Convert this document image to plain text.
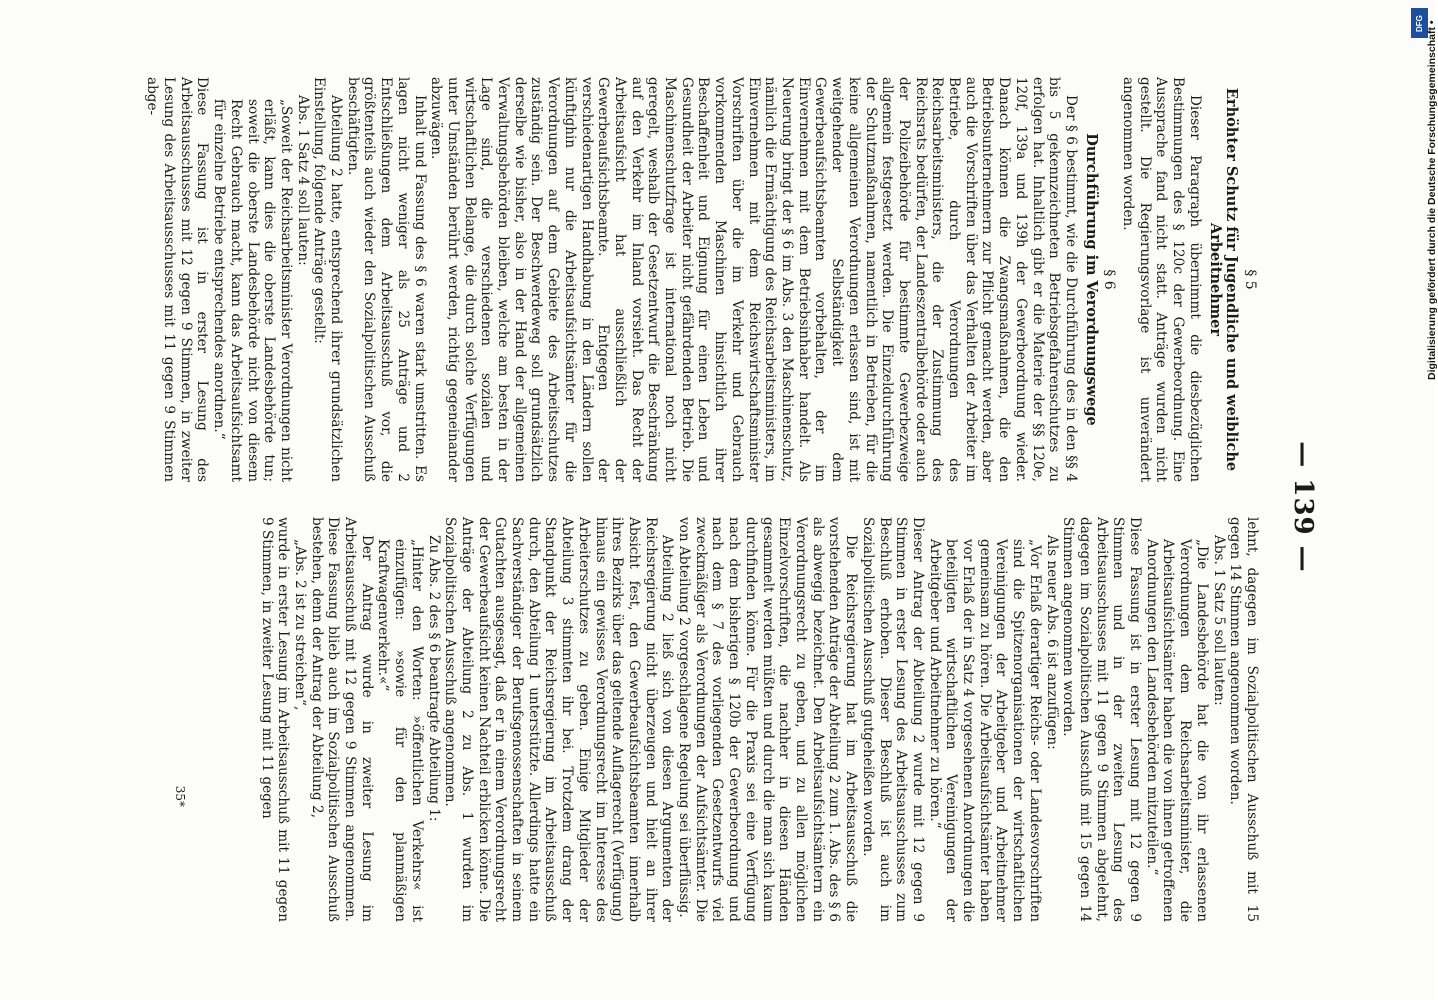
— 139 —
§ 5
Erhöhter Schutz für Jugendliche und weibliche Arbeitnehmer

Dieser Paragraph übernimmt die diesbezüglichen Bestimmungen des § 120c der Gewerbeordnung. Eine Aussprache fand nicht statt. Anträge wurden nicht gestellt. Die Regierungsvorlage ist unverändert angenommen worden.

§ 6
Durchführung im Verordnungswege

Der § 6 bestimmt, wie die Durchführung des in den §§ 4 bis 5 gekennzeichneten Betriebsgefahrenschutzes zu erfolgen hat. Inhaltlich gibt er die Materie der §§ 120e, 120f, 139a und 139h der Gewerbeordnung wieder. Danach können die Zwangsmaßnahmen, die den Betriebsunternehmern zur Pflicht gemacht werden, aber auch die Vorschriften über das Verhalten der Arbeiter im Betriebe, durch Verordnungen des Reichsarbeitsministers, die der Zustimmung des Reichsrats bedürfen, der Landeszentralbehörde oder auch der Polizeibehörde für bestimmte Gewerbezweige allgemein festgesetzt werden. Die Einzeldurchführung der Schutzmaßnahmen, namentlich in Betrieben, für die keine allgemeinen Verordnungen erlassen sind, ist mit weitgehender Selbständigkeit dem Gewerbeaufsichtsbeamten vorbehalten, der im Einvernehmen mit dem Betriebsinhaber handelt. Als Neuerung bringt der § 6 im Abs. 3 den Maschinenschutz, nämlich die Ermächtigung des Reichsarbeitsministers, im Einvernehmen mit dem Reichswirtschaftsminister Vorschriften über die im Verkehr und Gebrauch vorkommenden Maschinen hinsichtlich ihrer Beschaffenheit und Eignung für einen Leben und Gesundheit der Arbeiter nicht gefährdenden Betrieb. Die Maschinenschutzfrage ist international noch nicht geregelt, weshalb der Gesetzentwurf die Beschränkung auf den Verkehr im Inland vorsieht. Das Recht der Arbeitsaufsicht hat ausschließlich der Gewerbeaufsichtsbeamte. Entgegen der verschiedenartigen Handhabung in den Ländern sollen künftighin nur die Arbeitsaufsichtsämter für die Verordnungen auf dem Gebiete des Arbeitsschutzes zuständig sein. Der Beschwerdeweg soll grundsätzlich derselbe wie bisher, also in der Hand der allgemeinen Verwaltungsbehörden bleiben, welche am besten in der Lage sind, die verschiedenen sozialen und wirtschaftlichen Belange, die durch solche Verfügungen unter Umständen berührt werden, richtig gegeneinander abzuwägen.

Inhalt und Fassung des § 6 waren stark umstritten. Es lagen nicht weniger als 25 Anträge und 2 Entschließungen dem Arbeitsausschuß vor, die größtenteils auch wieder den Sozialpolitischen Ausschuß beschäftigten.

Abteilung 2 hatte, entsprechend ihrer grundsätzlichen Einstellung, folgende Anträge gestellt:

Abs. 1 Satz 4 soll lauten:

„Soweit der Reichsarbeitsminister Verordnungen nicht erläßt, kann dies die oberste Landesbehörde tun; soweit die oberste Landesbehörde nicht von diesem Recht Gebrauch macht, kann das Arbeitsaufsichtsamt für einzelne Betriebe entsprechendes anordnen.“

Diese Fassung ist in erster Lesung des Arbeitsausschusses mit 12 gegen 9 Stimmen, in zweiter Lesung des Arbeitsausschusses mit 11 gegen 9 Stimmen abge-

lehnt, dagegen im Sozialpolitischen Ausschuß mit 15 gegen 14 Stimmen angenommen worden.

Abs. 1 Satz 5 soll lauten:

„Die Landesbehörde hat die von ihr erlassenen Verordnungen dem Reichsarbeitsminister, die Arbeitsaufsichtsämter haben die von ihnen getroffenen Anordnungen den Landesbehörden mitzuteilen.“

Diese Fassung ist in erster Lesung mit 12 gegen 9 Stimmen und in der zweiten Lesung des Arbeitsausschusses mit 11 gegen 9 Stimmen abgelehnt, dagegen im Sozialpolitischen Ausschuß mit 15 gegen 14 Stimmen angenommen worden.

Als neuer Abs. 6 ist anzufügen:

„Vor Erlaß derartiger Reichs- oder Landesvorschriften sind die Spitzenorganisationen der wirtschaftlichen Vereinigungen der Arbeitgeber und Arbeitnehmer gemeinsam zu hören. Die Arbeitsaufsichtsämter haben vor Erlaß der in Satz 4 vorgesehenen Anordnungen die beteiligten wirtschaftlichen Vereinigungen der Arbeitgeber und Arbeitnehmer zu hören.“

Dieser Antrag der Abteilung 2 wurde mit 12 gegen 9 Stimmen in erster Lesung des Arbeitsausschusses zum Beschluß erhoben. Dieser Beschluß ist auch im Sozialpolitischen Ausschuß gutgeheißen worden.

Die Reichsregierung hat im Arbeitsausschuß die vorstehenden Anträge der Abteilung 2 zum 1. Abs. des § 6 als abwegig bezeichnet. Den Arbeitsaufsichtsämtern ein Verordnungsrecht zu geben, und zu allen möglichen Einzelvorschriften, die nachher in diesen Händen gesammelt werden müßten und durch die man sich kaum durchfinden könne. Für die Praxis sei eine Verfügung nach dem bisherigen § 120b der Gewerbeordnung und nach dem § 7 des vorliegenden Gesetzentwurfs viel zweckmäßiger als Verordnungen der Aufsichtsämter. Die von Abteilung 2 vorgeschlagene Regelung sei überflüssig.

Abteilung 2 ließ sich von diesen Argumenten der Reichsregierung nicht überzeugen und hielt an ihrer Absicht fest, den Gewerbeaufsichtsbeamten innerhalb ihres Bezirks über das geltende Auflagerecht (Verfügung) hinaus ein gewisses Verordnungsrecht im Interesse des Arbeiterschutzes zu geben. Einige Mitglieder der Abteilung 3 stimmten ihr bei. Trotzdem drang der Standpunkt der Reichsregierung im Arbeitsausschuß durch, den Abteilung 1 unterstützte. Allerdings hatte ein Sachverständiger der Berufsgenossenschaften in seinem Gutachten ausgesagt, daß er in einem Verordnungsrecht der Gewerbeaufsicht keinen Nachteil erblicken könne. Die Anträge der Abteilung 2 zu Abs. 1 wurden im Sozialpolitischen Ausschuß angenommen.

Zu Abs. 2 des § 6 beantragte Abteilung 1:

„Hinter den Worten: »öffentlichen Verkehrs« ist einzufügen: »sowie für den planmäßigen Kraftwagenverkehr.«“

Der Antrag wurde in zweiter Lesung im Arbeitsausschuß mit 12 gegen 9 Stimmen angenommen. Diese Fassung blieb auch im Sozialpolitischen Ausschuß bestehen, denn der Antrag der Abteilung 2,

„Abs. 2 ist zu streichen“,

wurde in erster Lesung im Arbeitsausschuß mit 11 gegen 9 Stimmen, in zweiter Lesung mit 11 gegen

35*
DFG Digitalisierung gefördert durch die Deutsche Forschungsgemeinschaft •
